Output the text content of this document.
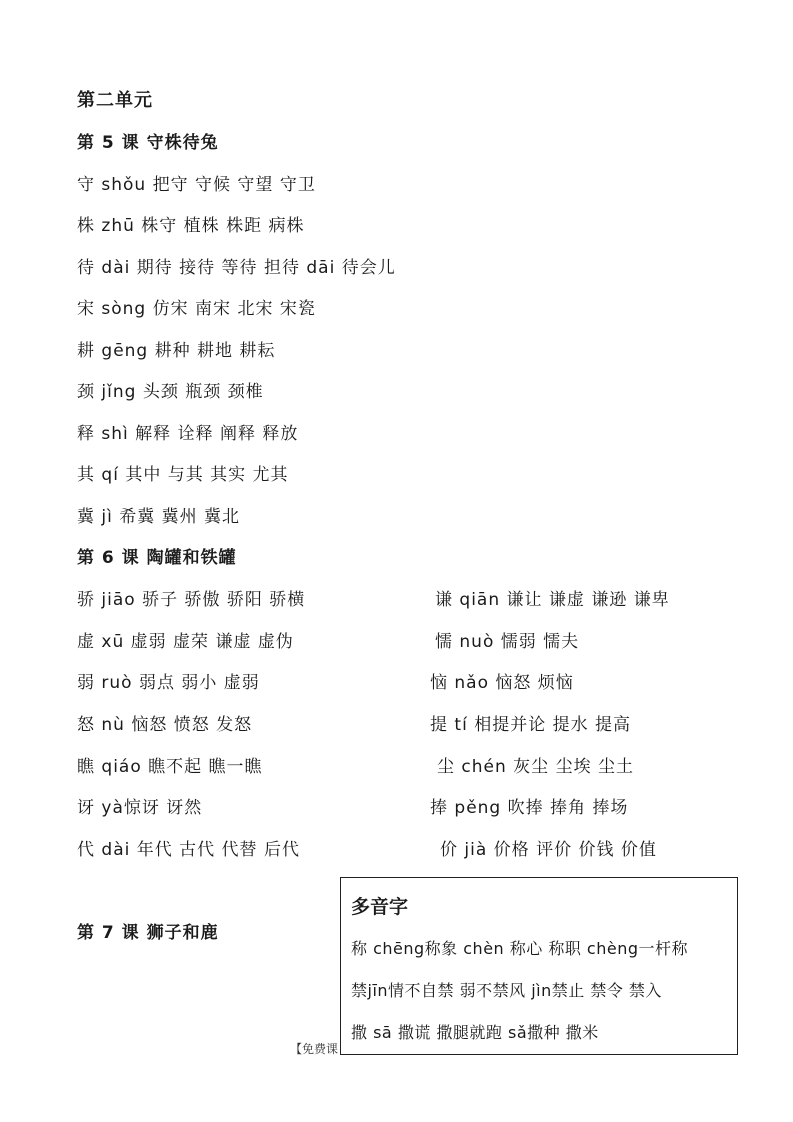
第二单元
第 5 课 守株待兔
守 shǒu 把守 守候 守望 守卫
株 zhū 株守 植株 株距 病株
待 dài 期待 接待 等待 担待 dāi 待会儿
宋 sòng 仿宋 南宋 北宋 宋瓷
耕 gēng 耕种 耕地 耕耘
颈 jǐng 头颈 瓶颈 颈椎
释 shì 解释 诠释 阐释 释放
其 qí 其中 与其 其实 尤其
冀 jì 希冀 冀州 冀北
第 6 课 陶罐和铁罐
骄 jiāo 骄子 骄傲 骄阳 骄横
虚 xū 虚弱 虚荣 谦虚 虚伪
弱 ruò 弱点 弱小 虚弱
怒 nù 恼怒 愤怒 发怒
瞧 qiáo 瞧不起 瞧一瞧
讶 yà惊讶 讶然
代 dài 年代 古代 代替 后代
谦 qiān 谦让 谦虚 谦逊 谦卑
懦 nuò 懦弱 懦夫
恼 nǎo 恼怒 烦恼
提 tí 相提并论 提水 提高
尘 chén 灰尘 尘埃 尘土
捧 pěng 吹捧 捧角 捧场
价 jià 价格 评价 价钱 价值
第 7 课 狮子和鹿
【免费课
多音字
称 chēng称象 chèn 称心 称职 chèng一杆称
禁jīn情不自禁 弱不禁风 jìn禁止 禁令 禁入
撒 sā 撒谎 撒腿就跑 sǎ撒种 撒米
